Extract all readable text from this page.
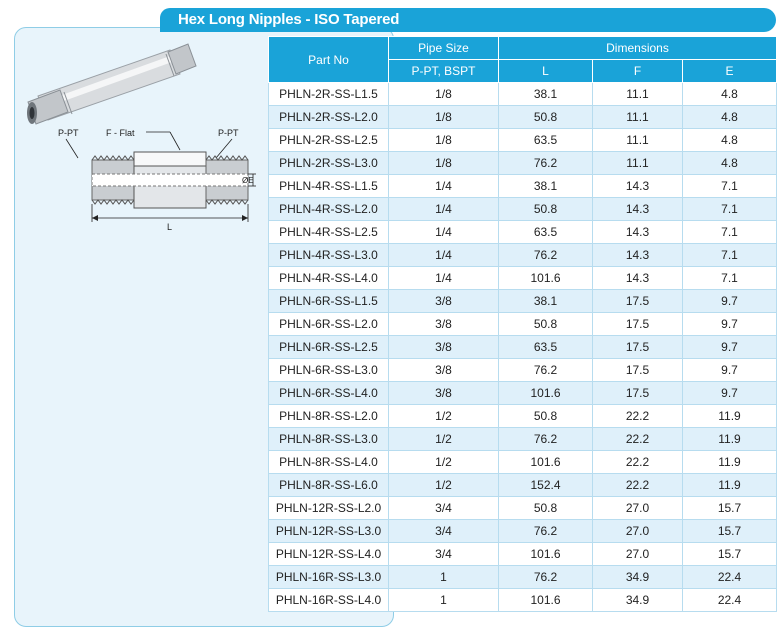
Hex Long Nipples - ISO Tapered
P-PT	F - Flat	P-PT
ØE
L
Part No	Pipe Size	Dimensions		
	P-PT, BSPT	L	F	E
PHLN-2R-SS-L1.5	1/8	38.1	11.1	4.8
PHLN-2R-SS-L2.0	1/8	50.8	11.1	4.8
PHLN-2R-SS-L2.5	1/8	63.5	11.1	4.8
PHLN-2R-SS-L3.0	1/8	76.2	11.1	4.8
PHLN-4R-SS-L1.5	1/4	38.1	14.3	7.1
PHLN-4R-SS-L2.0	1/4	50.8	14.3	7.1
PHLN-4R-SS-L2.5	1/4	63.5	14.3	7.1
PHLN-4R-SS-L3.0	1/4	76.2	14.3	7.1
PHLN-4R-SS-L4.0	1/4	101.6	14.3	7.1
PHLN-6R-SS-L1.5	3/8	38.1	17.5	9.7
PHLN-6R-SS-L2.0	3/8	50.8	17.5	9.7
PHLN-6R-SS-L2.5	3/8	63.5	17.5	9.7
PHLN-6R-SS-L3.0	3/8	76.2	17.5	9.7
PHLN-6R-SS-L4.0	3/8	101.6	17.5	9.7
PHLN-8R-SS-L2.0	1/2	50.8	22.2	11.9
PHLN-8R-SS-L3.0	1/2	76.2	22.2	11.9
PHLN-8R-SS-L4.0	1/2	101.6	22.2	11.9
PHLN-8R-SS-L6.0	1/2	152.4	22.2	11.9
PHLN-12R-SS-L2.0	3/4	50.8	27.0	15.7
PHLN-12R-SS-L3.0	3/4	76.2	27.0	15.7
PHLN-12R-SS-L4.0	3/4	101.6	27.0	15.7
PHLN-16R-SS-L3.0	1	76.2	34.9	22.4
PHLN-16R-SS-L4.0	1	101.6	34.9	22.4
